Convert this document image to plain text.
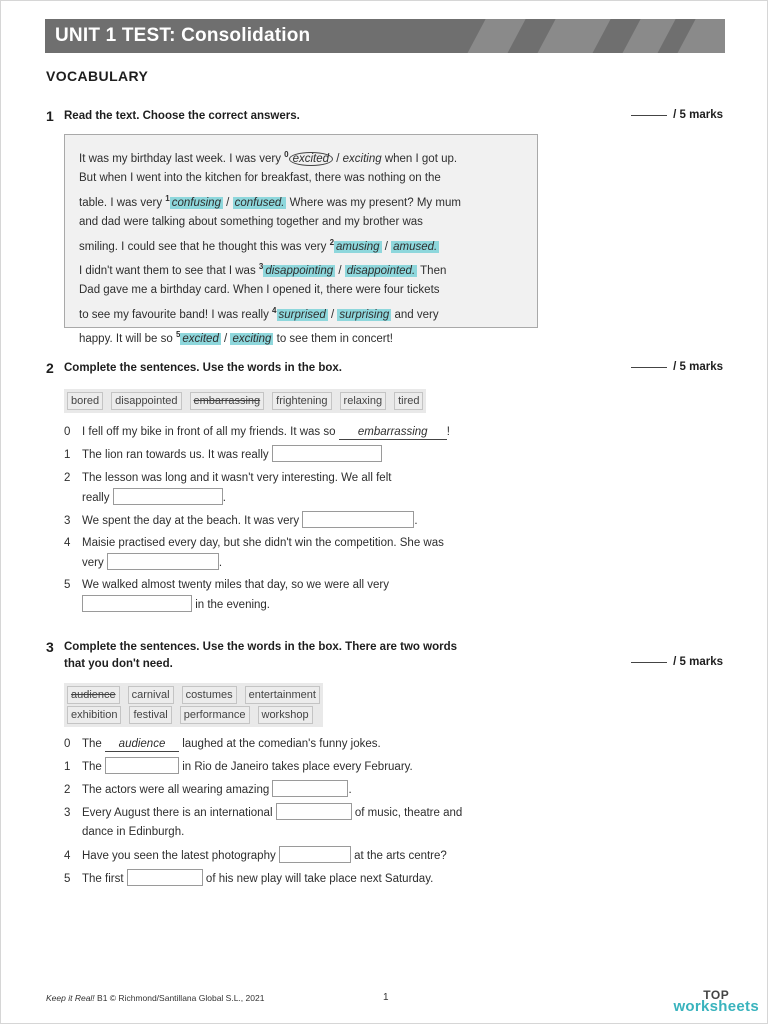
UNIT 1 TEST: Consolidation
VOCABULARY
1 Read the text. Choose the correct answers.	/ 5 marks
It was my birthday last week. I was very $^0$ excited / exciting when I got up.
But when I went into the kitchen for breakfast, there was nothing on the
table. I was very $^1$ confusing / confused. Where was my present? My mum
and dad were talking about something together and my brother was
smiling. I could see that he thought this was very $^2$ amusing / amused.
I didn't want them to see that I was $^3$ disappointing / disappointed. Then
Dad gave me a birthday card. When I opened it, there were four tickets
to see my favourite band! I was really $^4$ surprised / surprising and very
happy. It will be so $^5$ excited / exciting to see them in concert!
2 Complete the sentences. Use the words in the box.	/ 5 marks
bored	disappointed	embarrassing	frightening	relaxing	tired
0 I fell off my bike in front of all my friends. It was so embarrassing !
1 The lion ran towards us. It was really
2 The lesson was long and it wasn't very interesting. We all felt
really	.
3 We spent the day at the beach. It was very	.
4 Maisie practised every day, but she didn't win the competition. She was
very	.
5 We walked almost twenty miles that day, so we were all very
in the evening.
3 Complete the sentences. Use the words in the box. There are two words
that you don't need.	/ 5 marks
audience	carnival	costumes	entertainment
exhibition	festival	performance	workshop
0 The audience laughed at the comedian's funny jokes.
1 The	in Rio de Janeiro takes place every February.
2 The actors were all wearing amazing	.
3 Every August there is an international	of music, theatre and
dance in Edinburgh.
4 Have you seen the latest photography	at the arts centre?
5 The first	of his new play will take place next Saturday.
Keep it Real! B1 © Richmond/Santillana Global S.L., 2021	1	TOP
worksheets
